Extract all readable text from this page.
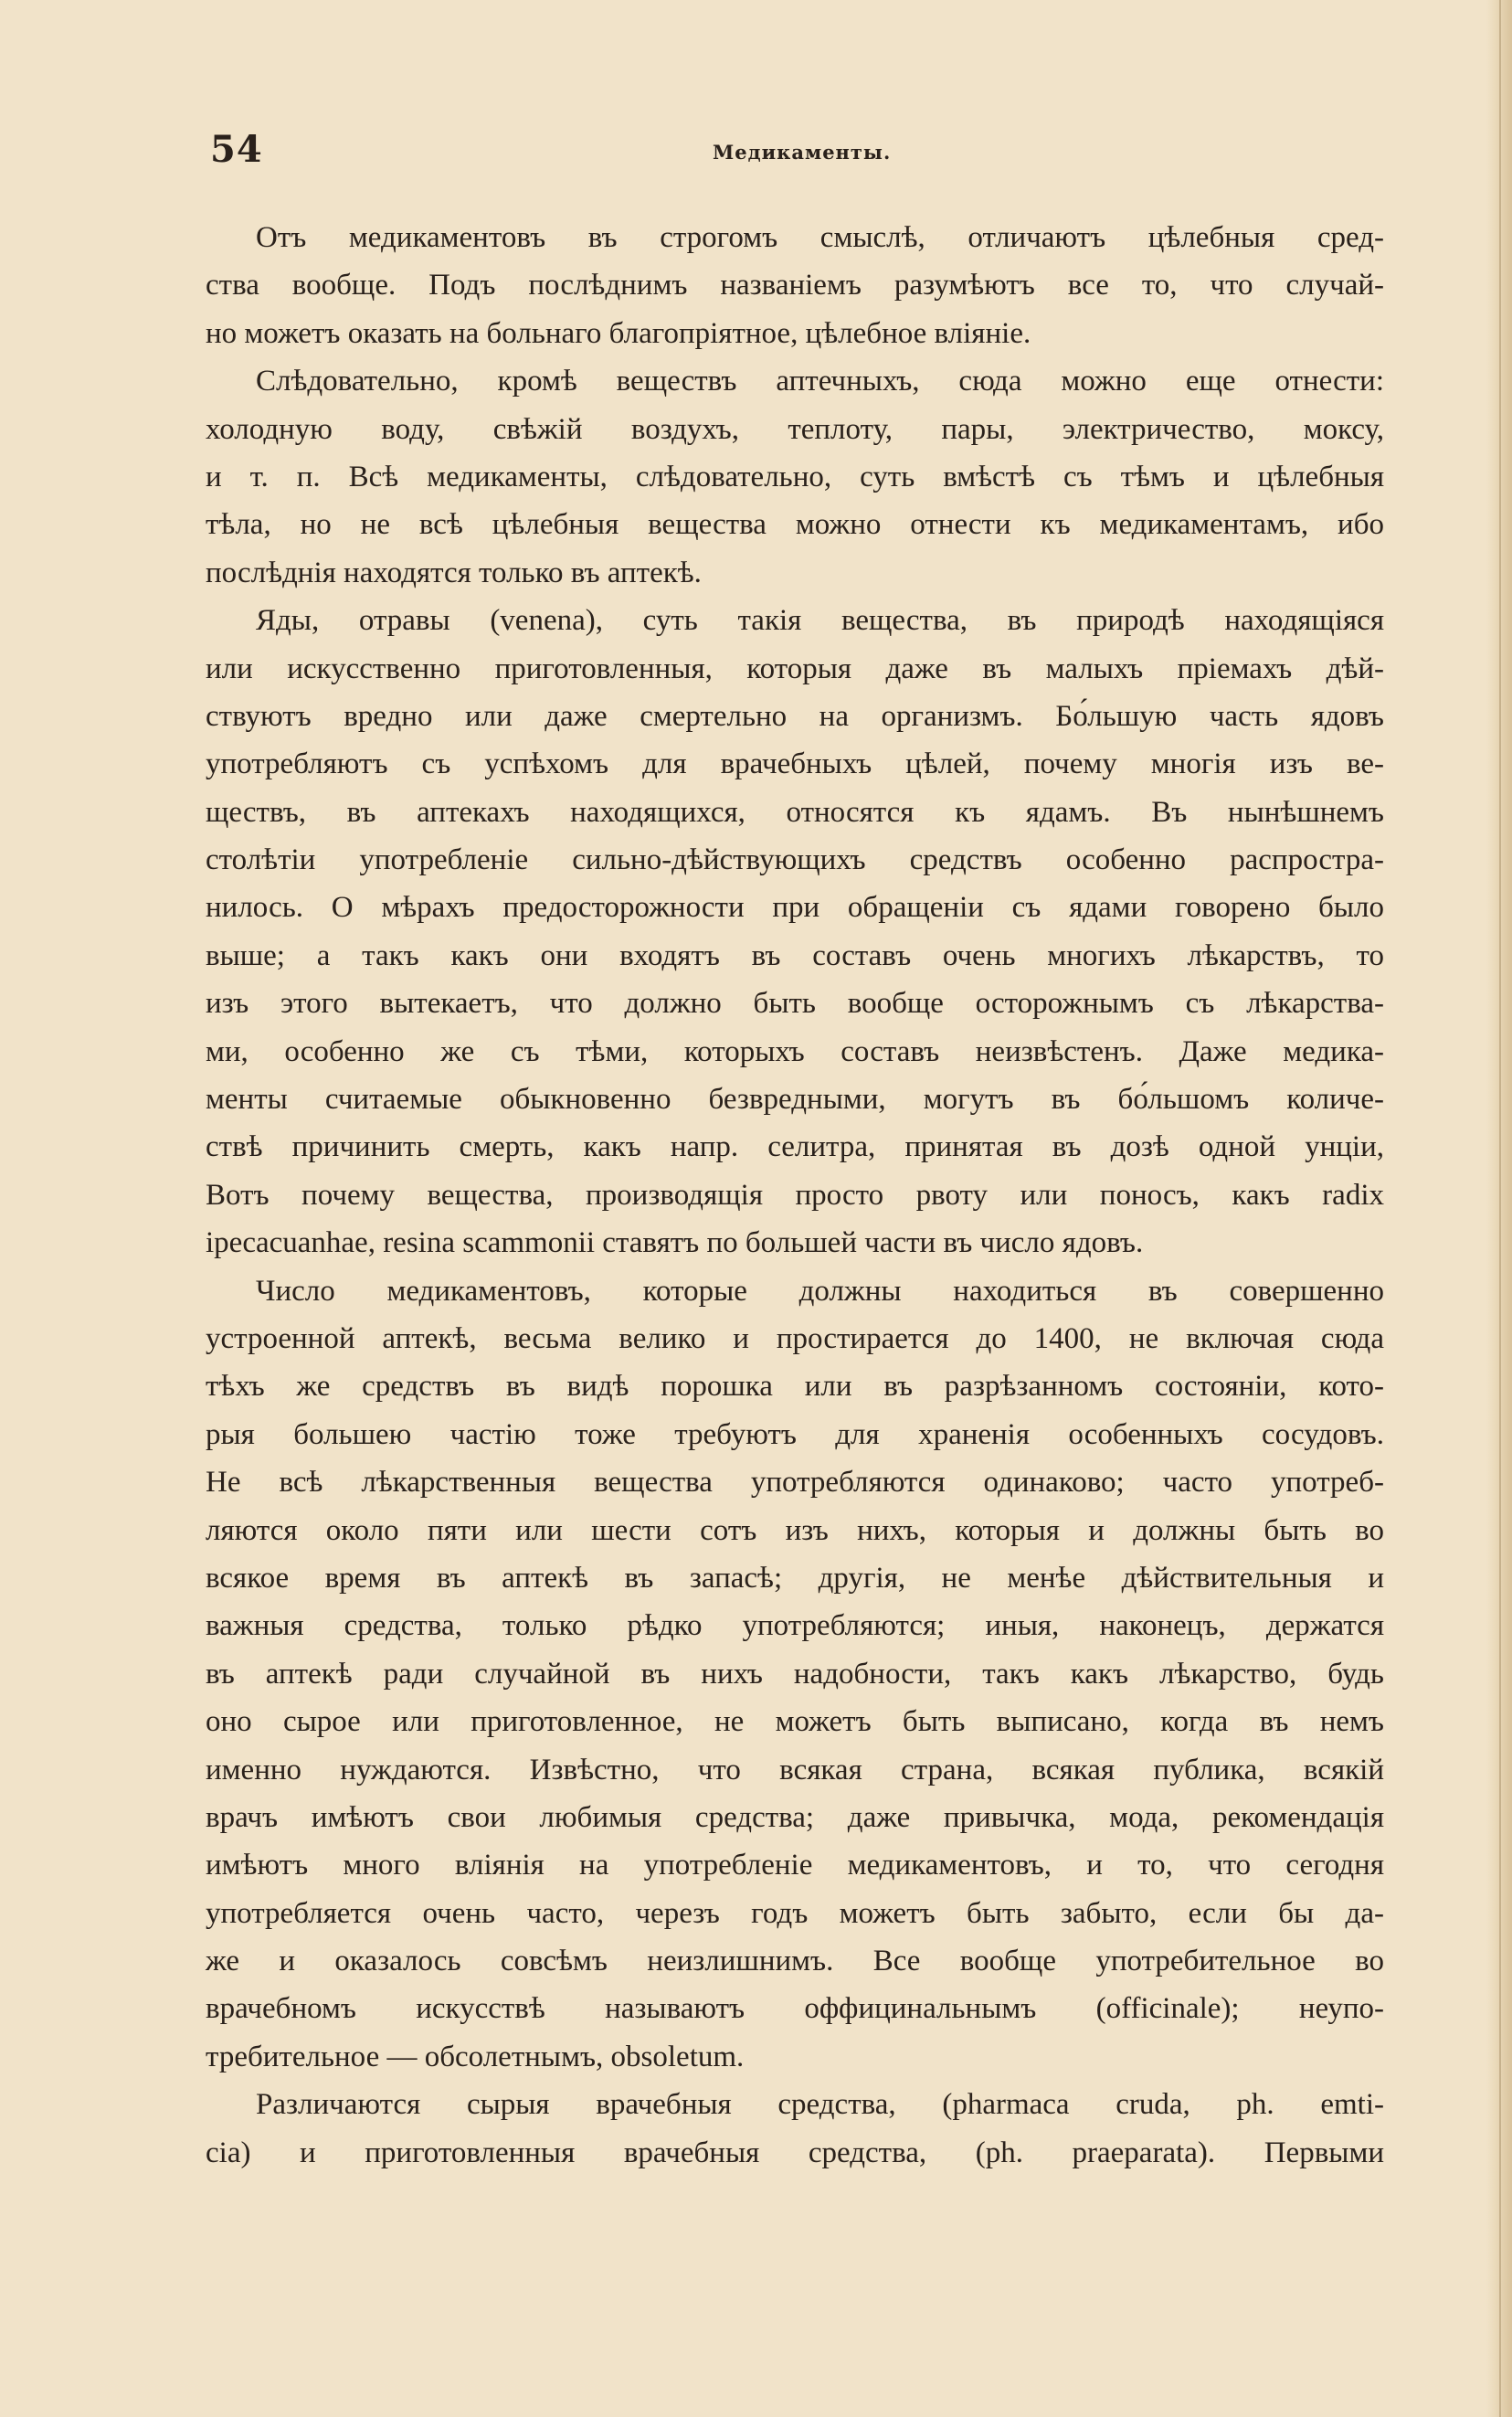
54	Медикаменты.
Отъ медикаментовъ въ строгомъ смыслѣ, отличаютъ цѣлебныя сред-
ства вообще. Подъ послѣднимъ названіемъ разумѣютъ все то, что случай-
но можетъ оказать на больнаго благопріятное, цѣлебное вліяніе.
Слѣдовательно, кромѣ веществъ аптечныхъ, сюда можно еще отнести:
холодную воду, свѣжій воздухъ, теплоту, пары, электричество, моксу,
и т. п. Всѣ медикаменты, слѣдовательно, суть вмѣстѣ съ тѣмъ и цѣлебныя
тѣла, но не всѣ цѣлебныя вещества можно отнести къ медикаментамъ, ибо
послѣднія находятся только въ аптекѣ.
Яды, отравы (venena), суть такія вещества, въ природѣ находящіяся
или искусственно приготовленныя, которыя даже въ малыхъ пріемахъ дѣй-
ствуютъ вредно или даже смертельно на организмъ. Бо́льшую часть ядовъ
употребляютъ съ успѣхомъ для врачебныхъ цѣлей, почему многія изъ ве-
ществъ, въ аптекахъ находящихся, относятся къ ядамъ. Въ нынѣшнемъ
столѣтіи употребленіе сильно-дѣйствующихъ средствъ особенно распростра-
нилось. О мѣрахъ предосторожности при обращеніи съ ядами говорено было
выше; а такъ какъ они входятъ въ составъ очень многихъ лѣкарствъ, то
изъ этого вытекаетъ, что должно быть вообще осторожнымъ съ лѣкарства-
ми, особенно же съ тѣми, которыхъ составъ неизвѣстенъ. Даже медика-
менты считаемые обыкновенно безвредными, могутъ въ бо́льшомъ количе-
ствѣ причинить смерть, какъ напр. селитра, принятая въ дозѣ одной унціи,
Вотъ почему вещества, производящія просто рвоту или поносъ, какъ radix
ipecacuanhae, resina scammonii ставятъ по большей части въ число ядовъ.
Число медикаментовъ, которые должны находиться въ совершенно
устроенной аптекѣ, весьма велико и простирается до 1400, не включая сюда
тѣхъ же средствъ въ видѣ порошка или въ разрѣзанномъ состояніи, кото-
рыя большею частію тоже требуютъ для храненія особенныхъ сосудовъ.
Не всѣ лѣкарственныя вещества употребляются одинаково; часто употреб-
ляются около пяти или шести сотъ изъ нихъ, которыя и должны быть во
всякое время въ аптекѣ въ запасѣ; другія, не менѣе дѣйствительныя и
важныя средства, только рѣдко употребляются; иныя, наконецъ, держатся
въ аптекѣ ради случайной въ нихъ надобности, такъ какъ лѣкарство, будь
оно сырое или приготовленное, не можетъ быть выписано, когда въ немъ
именно нуждаются. Извѣстно, что всякая страна, всякая публика, всякій
врачъ имѣютъ свои любимыя средства; даже привычка, мода, рекомендація
имѣютъ много вліянія на употребленіе медикаментовъ, и то, что сегодня
употребляется очень часто, черезъ годъ можетъ быть забыто, если бы да-
же и оказалось совсѣмъ неизлишнимъ. Все вообще употребительное во
врачебномъ искусствѣ называютъ оффицинальнымъ (officinale); неупо-
требительное — обсолетнымъ, obsoletum.
Различаются сырыя врачебныя средства, (pharmaca cruda, ph. emti-
cia) и приготовленныя врачебныя средства, (ph. praeparata). Первыми
